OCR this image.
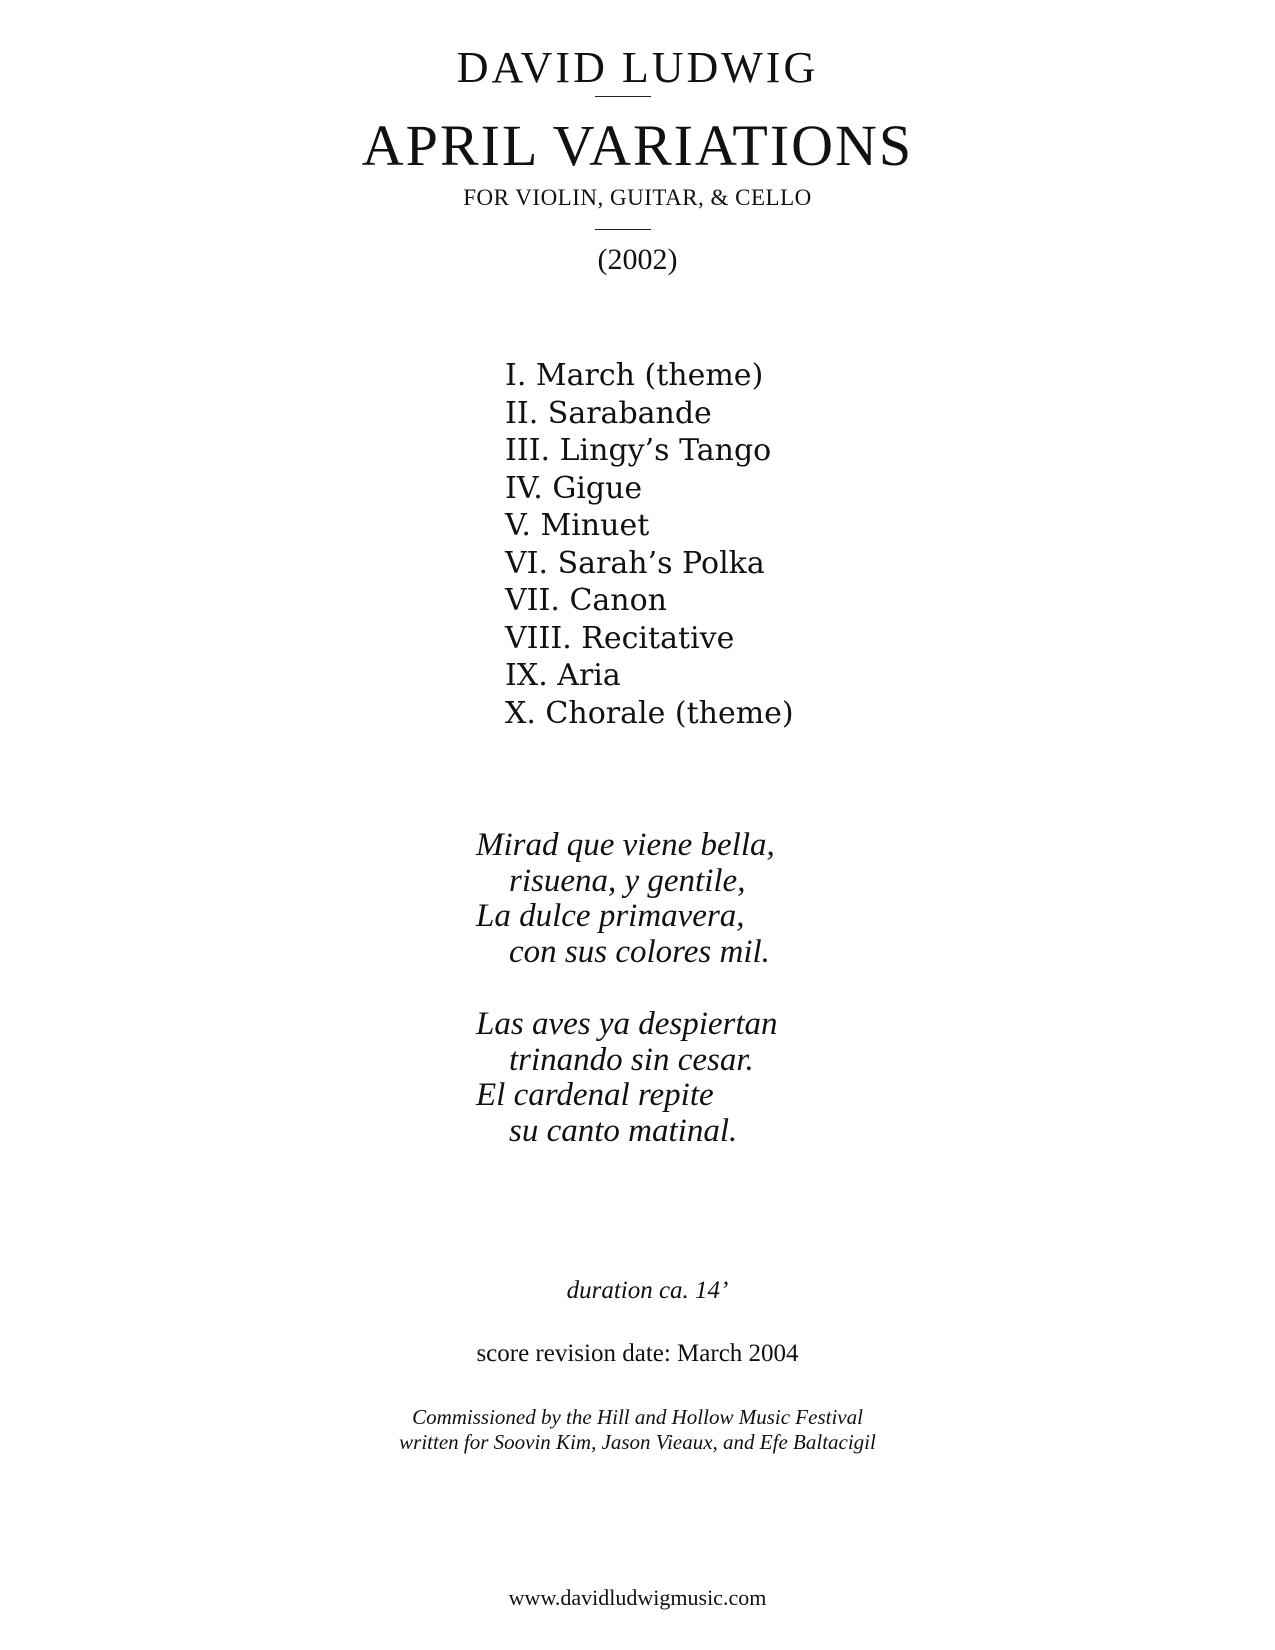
DAVID LUDWIG
APRIL VARIATIONS
FOR VIOLIN, GUITAR, & CELLO
(2002)
I. March (theme)
II. Sarabande
III. Lingy’s Tango
IV. Gigue
V. Minuet
VI. Sarah’s Polka
VII. Canon
VIII. Recitative
IX. Aria
X. Chorale (theme)
Mirad que viene bella,
risuena, y gentile,
La dulce primavera,
con sus colores mil.
Las aves ya despiertan
trinando sin cesar.
El cardenal repite
su canto matinal.
duration ca. 14’
score revision date: March 2004
Commissioned by the Hill and Hollow Music Festival
written for Soovin Kim, Jason Vieaux, and Efe Baltacigil
www.davidludwigmusic.com
